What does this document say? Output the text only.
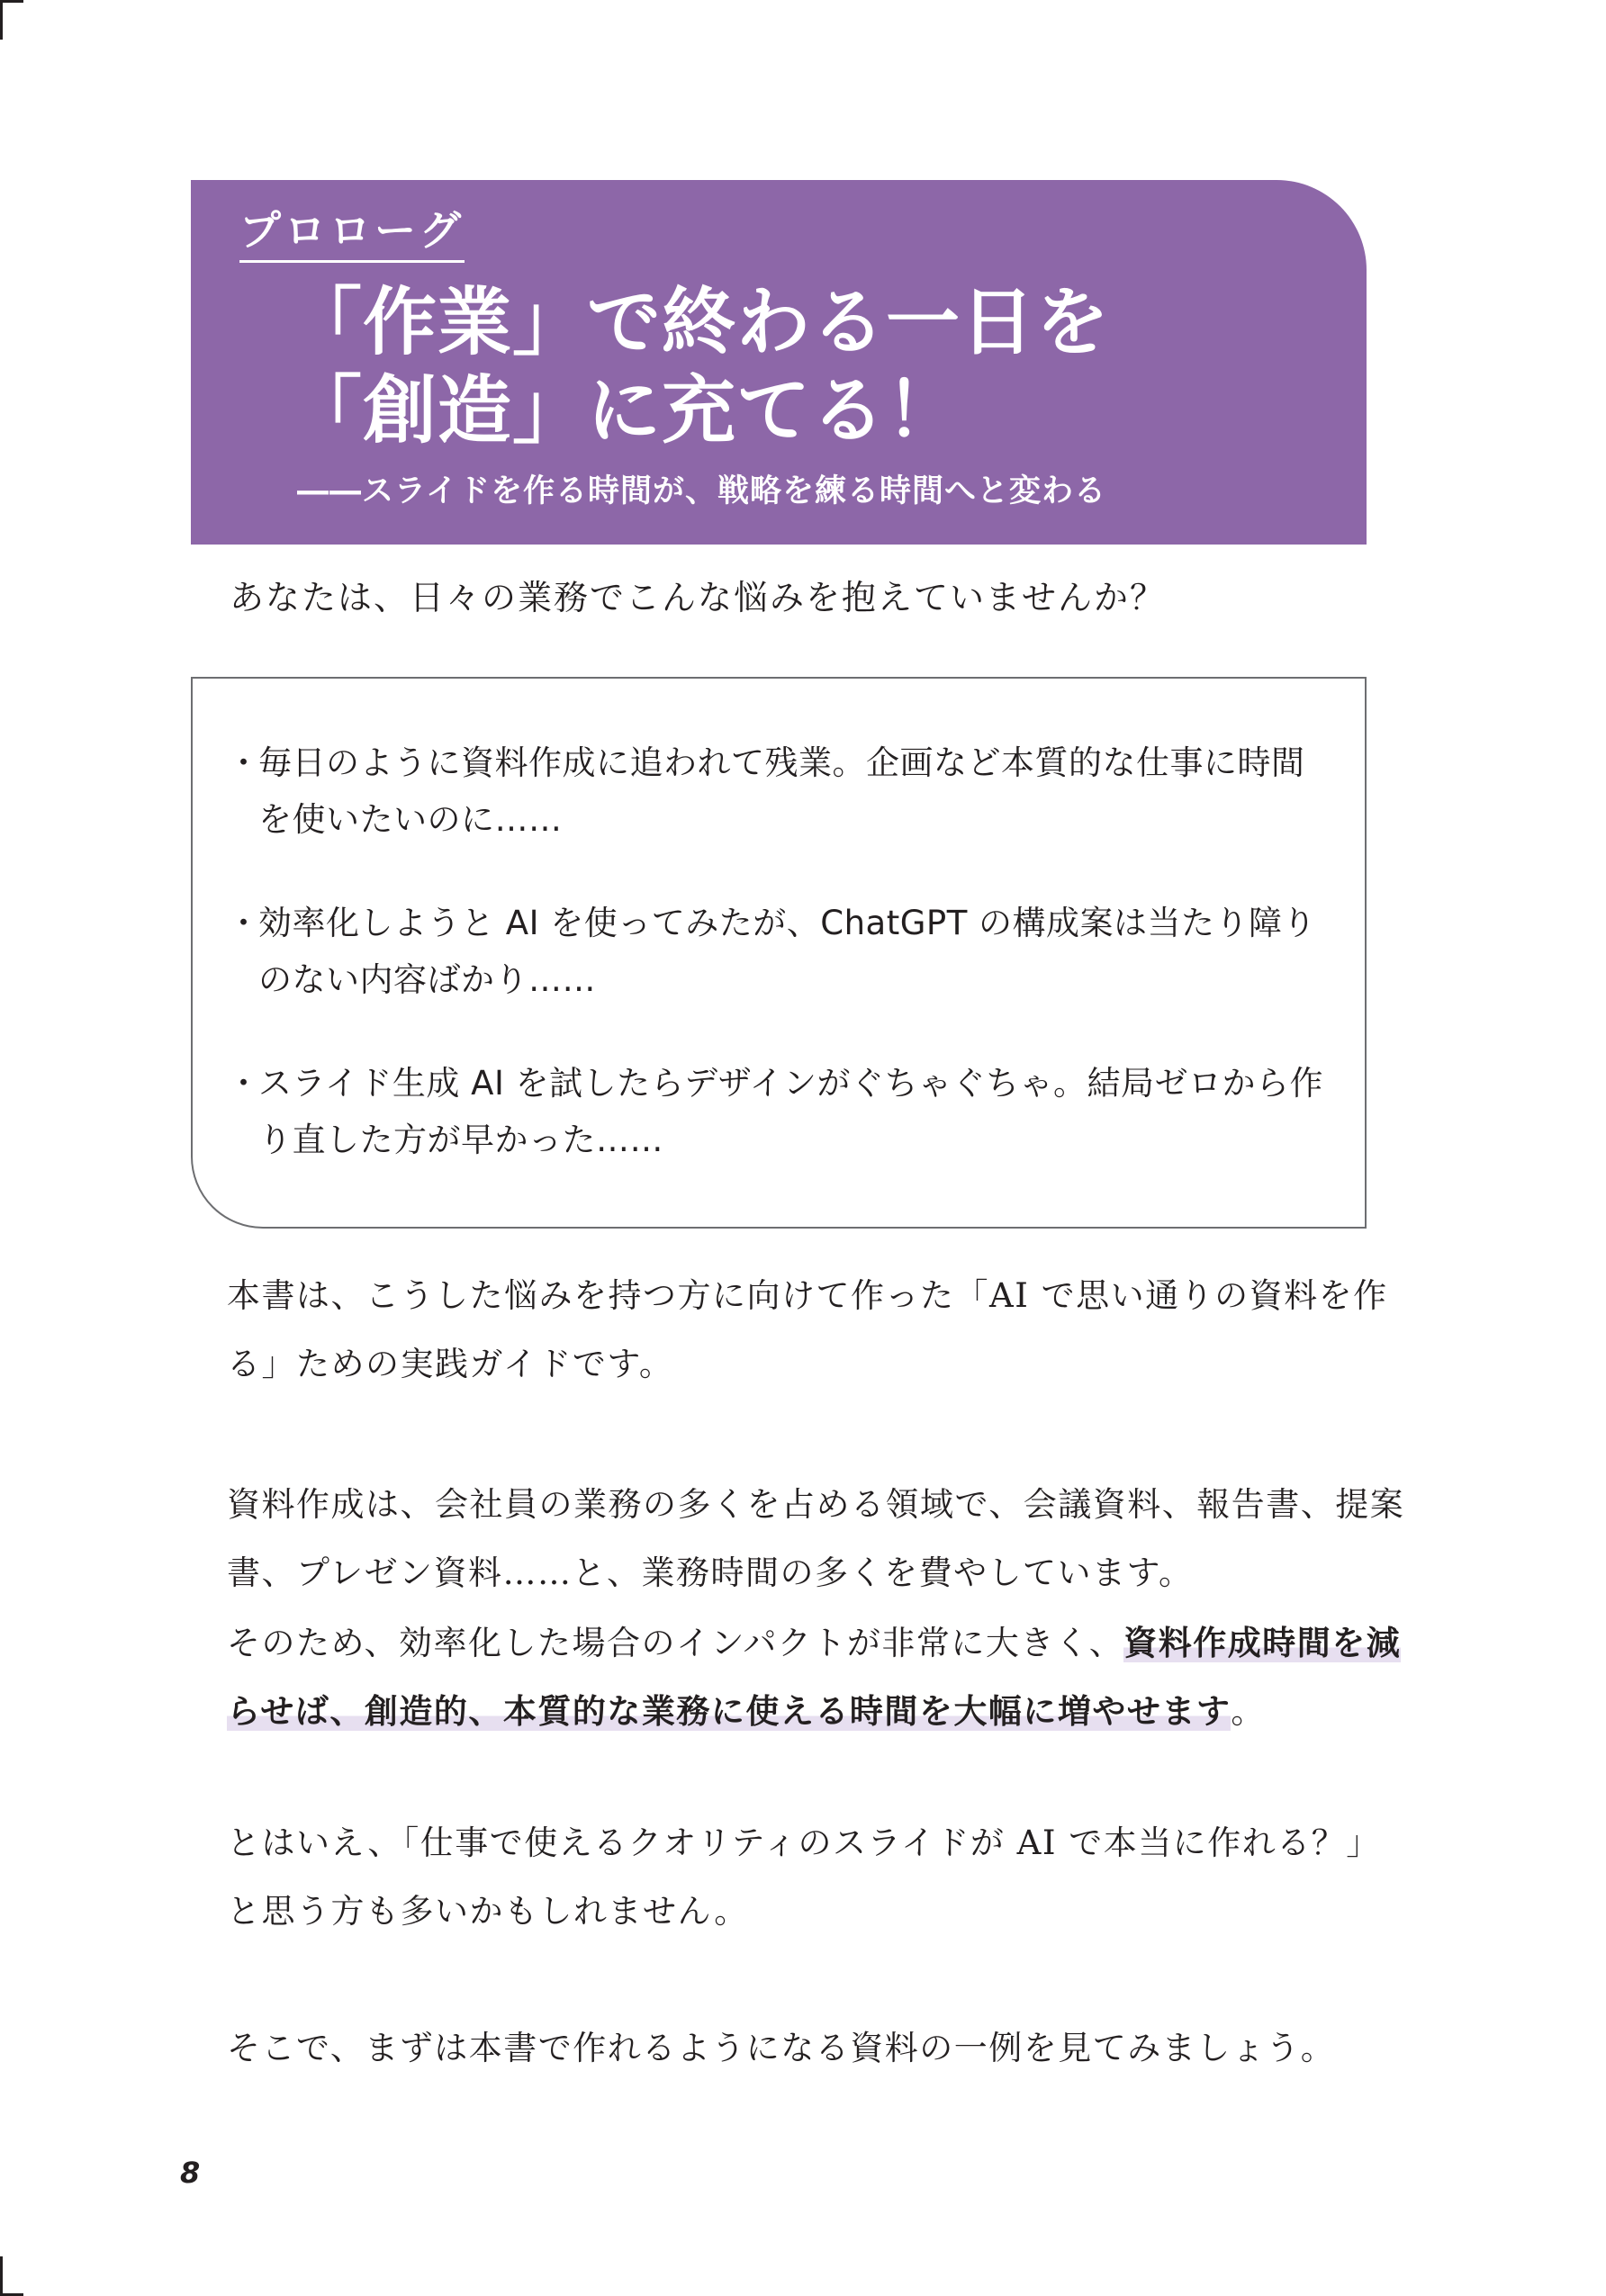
プロローグ
「作業」で終わる一日を
「創造」に充てる！
――スライドを作る時間が、戦略を練る時間へと変わる
あなたは、日々の業務でこんな悩みを抱えていませんか？
・
毎日のように資料作成に追われて残業。企画など本質的な仕事に時間を使いたいのに……
・
効率化しようと AI を使ってみたが、ChatGPT の構成案は当たり障りのない内容ばかり……
・
スライド生成 AI を試したらデザインがぐちゃぐちゃ。結局ゼロから作り直した方が早かった……

本書は、こうした悩みを持つ方に向けて作った「AI で思い通りの資料を作る」ための実践ガイドです。

資料作成は、会社員の業務の多くを占める領域で、会議資料、報告書、提案書、プレゼン資料……と、業務時間の多くを費やしています。

そのため、効率化した場合のインパクトが非常に大きく、資料作成時間を減らせば、創造的、本質的な業務に使える時間を大幅に増やせます。

とはいえ、「仕事で使えるクオリティのスライドが AI で本当に作れる？」と思う方も多いかもしれません。

そこで、まずは本書で作れるようになる資料の一例を見てみましょう。

8
